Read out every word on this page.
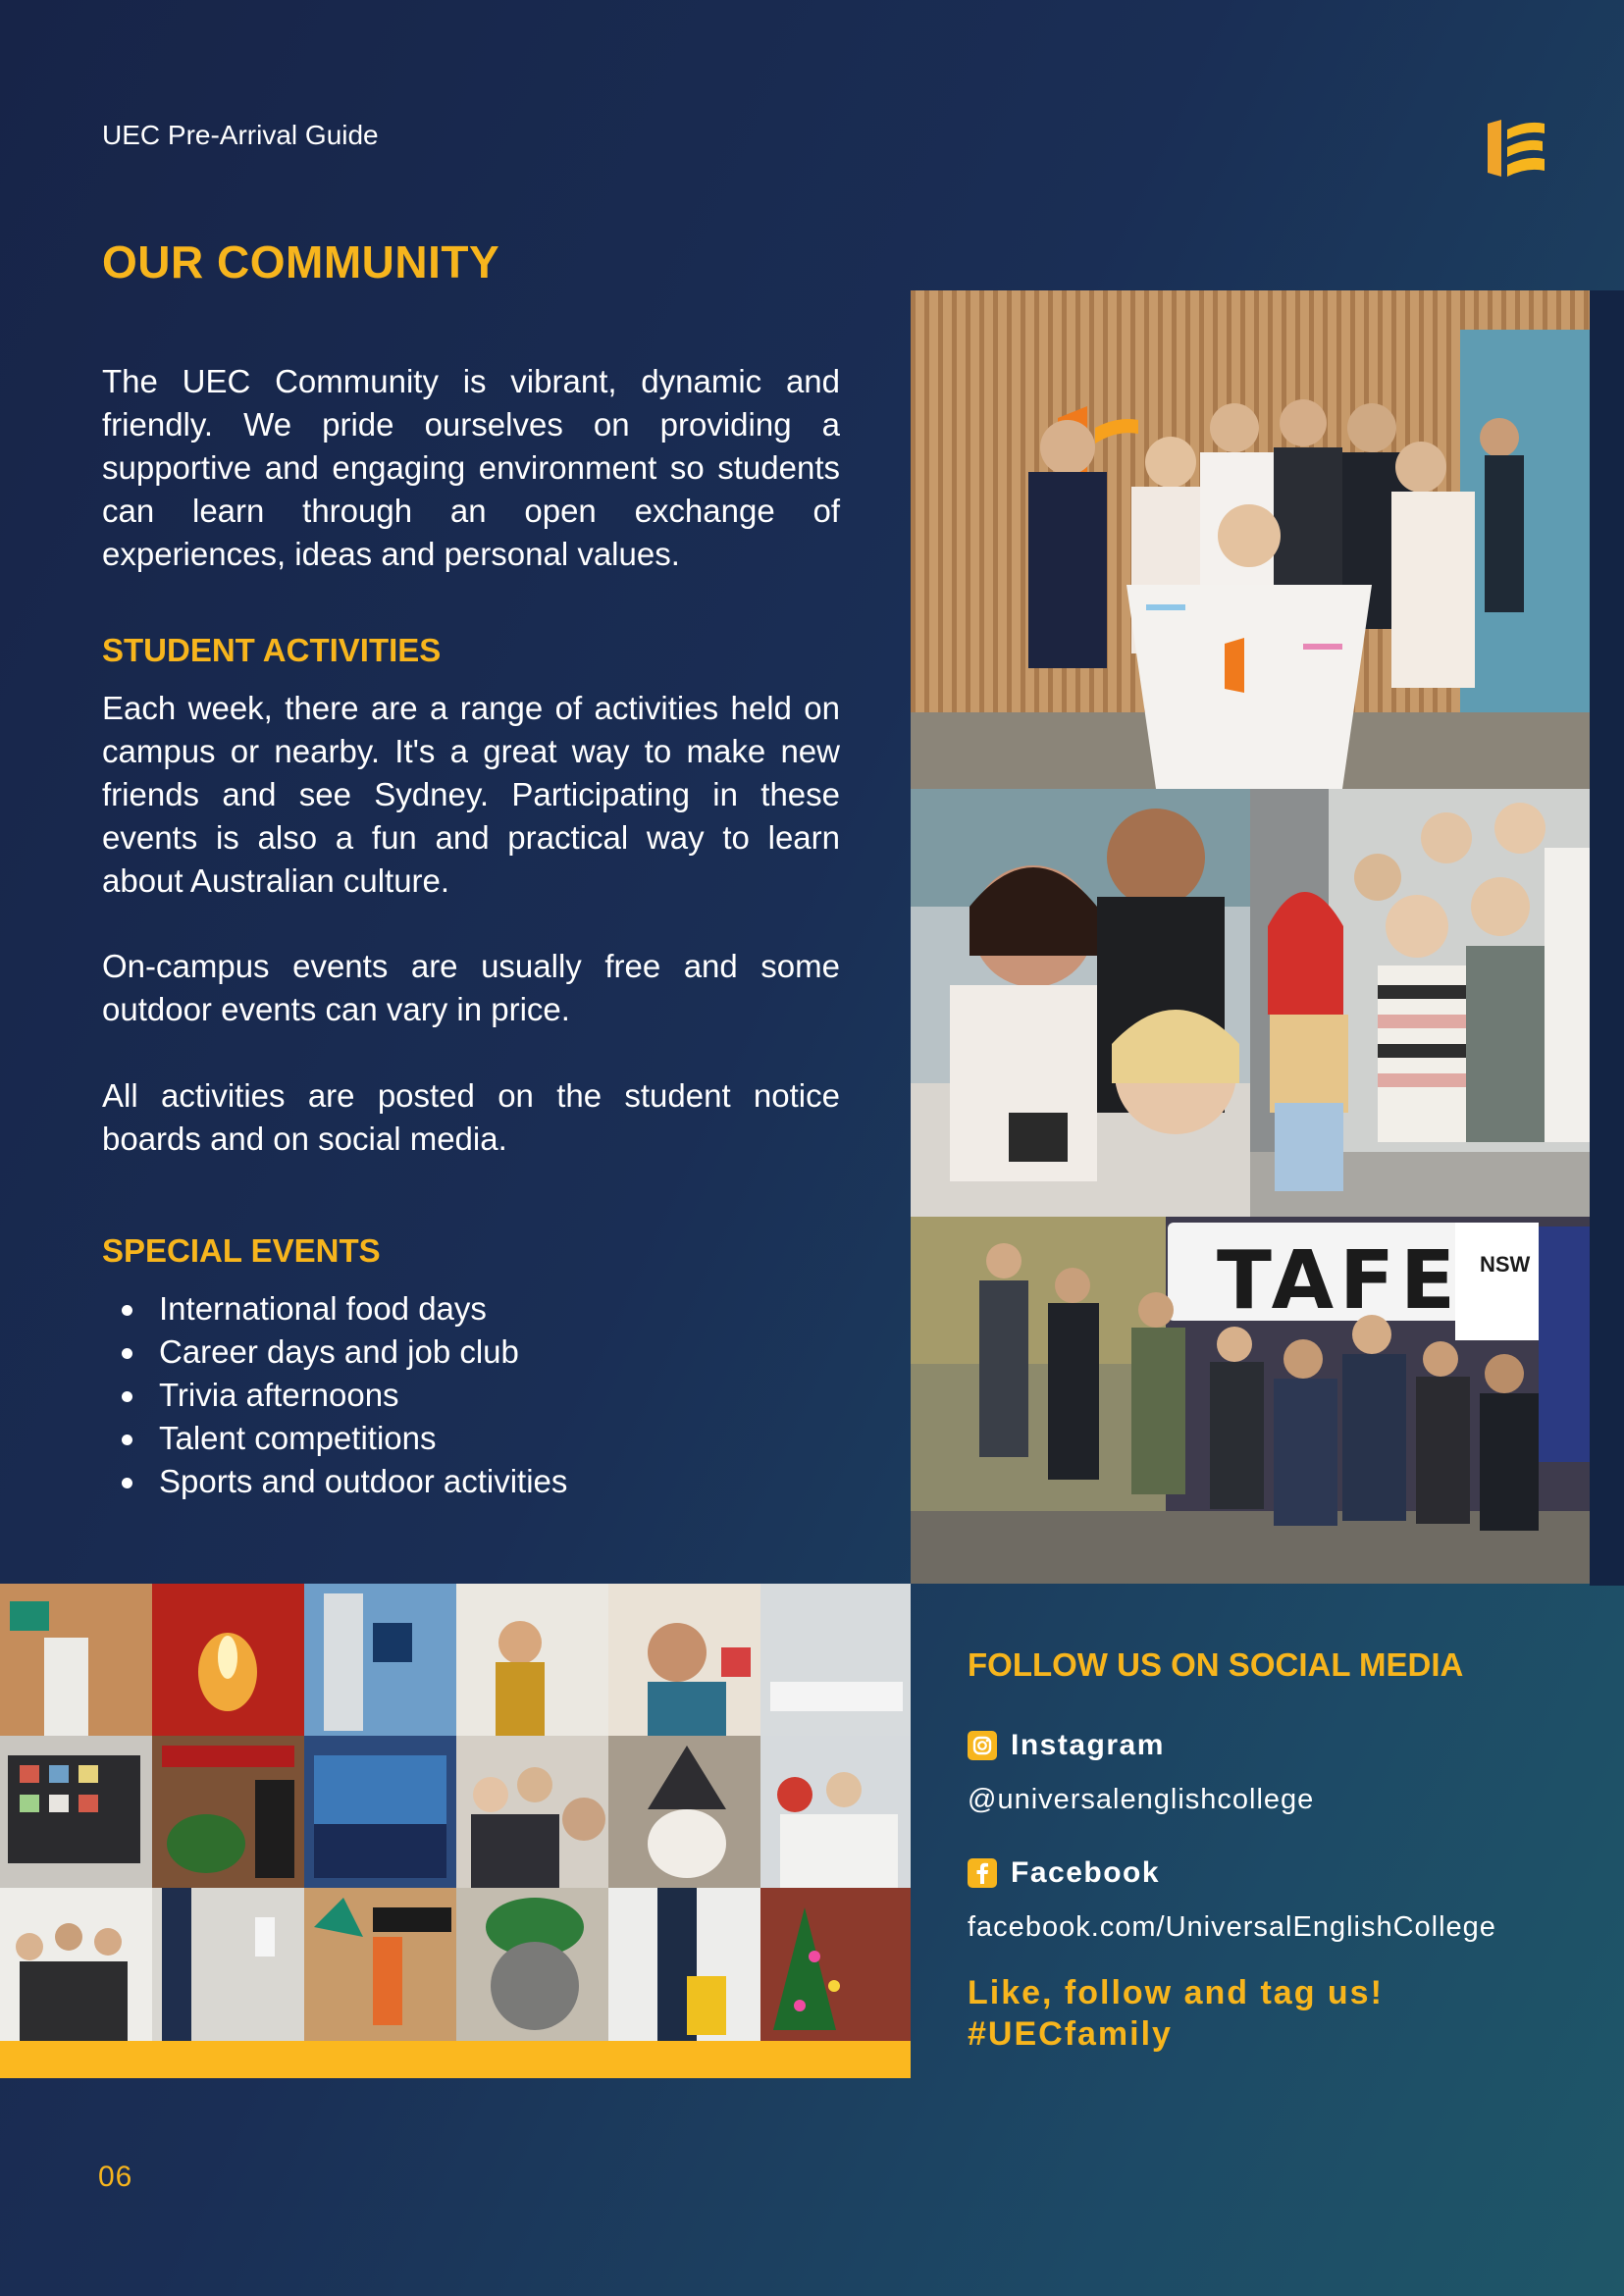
UEC Pre-Arrival Guide
OUR COMMUNITY
The UEC Community is vibrant, dynamic and friendly. We pride ourselves on providing a supportive and engaging environment so students can learn through an open exchange of experiences, ideas and personal values.
STUDENT ACTIVITIES
Each week, there are a range of activities held on campus or nearby. It's a great way to make new friends and see Sydney. Participating in these events is also a fun and practical way to learn about Australian culture.
On-campus events are usually free and some outdoor events can vary in price.
All activities are posted on the student notice boards and on social media.
SPECIAL EVENTS
International food days
Career days and job club
Trivia afternoons
Talent competitions
Sports and outdoor activities
TAFE NSW
FOLLOW US ON SOCIAL MEDIA
Instagram
@universalenglishcollege
Facebook
facebook.com/UniversalEnglishCollege
Like, follow and tag us!
#UECfamily
06
